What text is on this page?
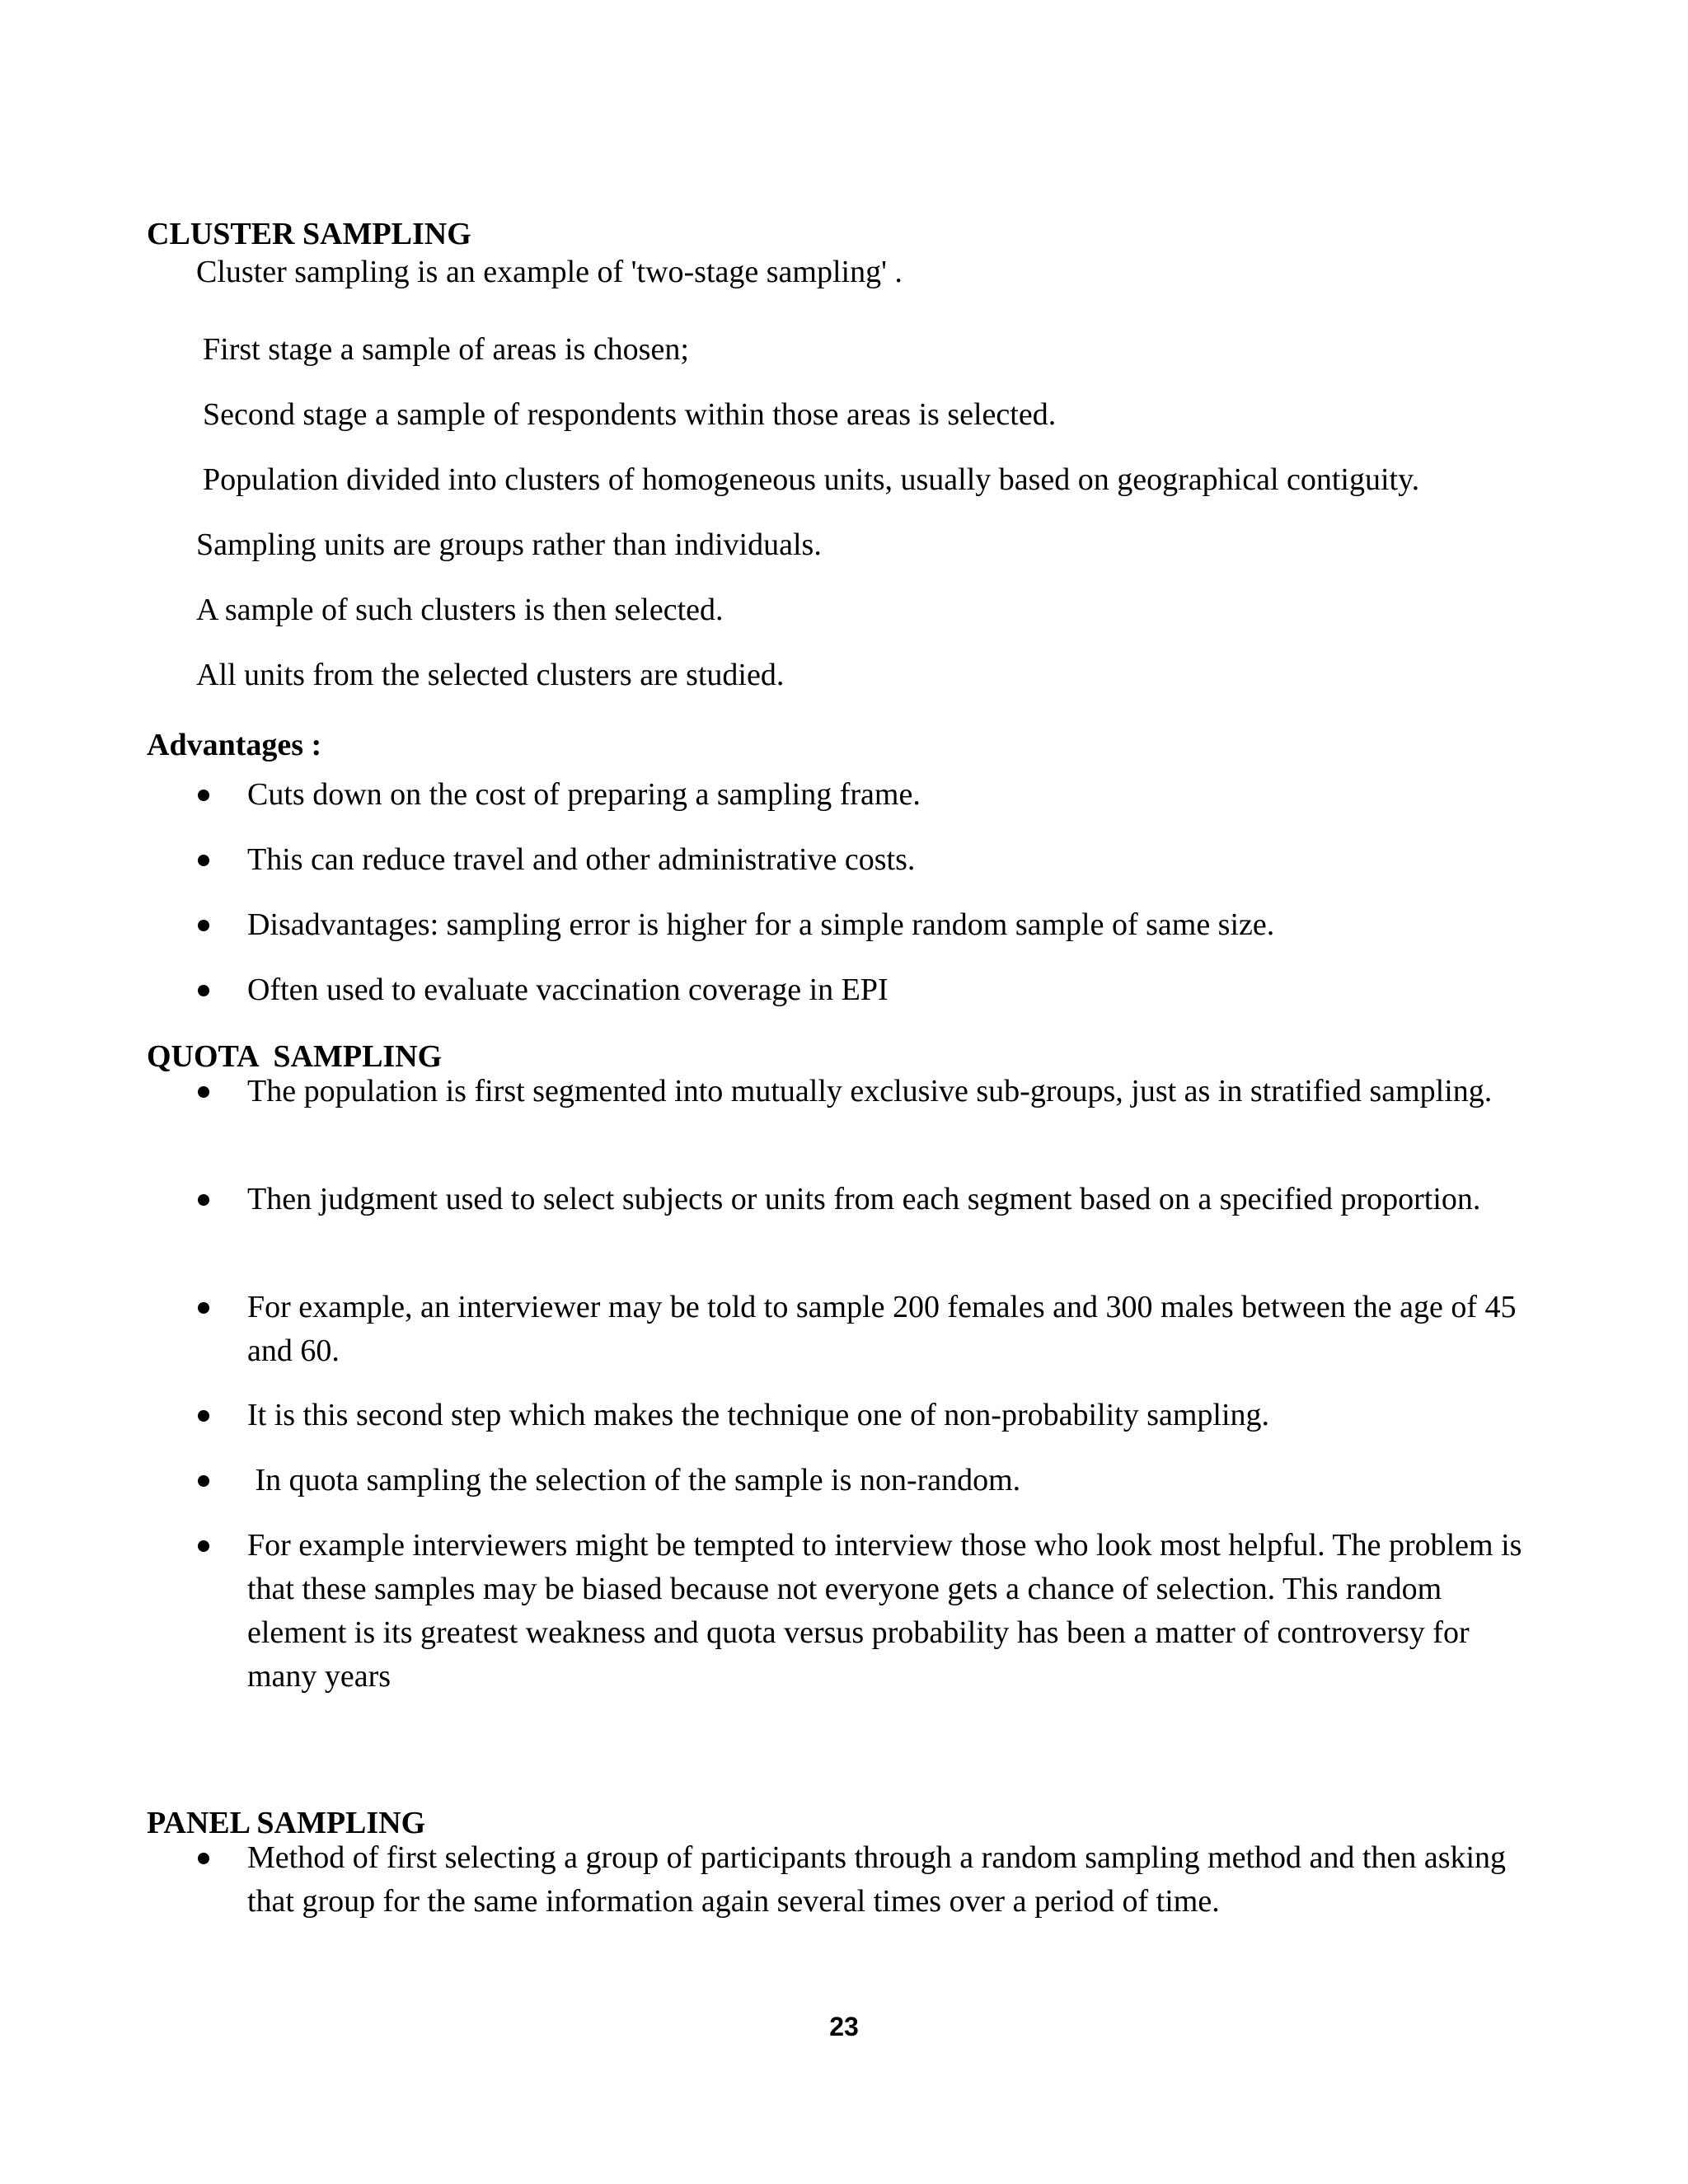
CLUSTER SAMPLING
Cluster sampling is an example of 'two-stage sampling' .
First stage a sample of areas is chosen;
Second stage a sample of respondents within those areas is selected.
Population divided into clusters of homogeneous units, usually based on geographical contiguity.
Sampling units are groups rather than individuals.
A sample of such clusters is then selected.
All units from the selected clusters are studied.
Advantages :
Cuts down on the cost of preparing a sampling frame.
This can reduce travel and other administrative costs.
Disadvantages: sampling error is higher for a simple random sample of same size.
Often used to evaluate vaccination coverage in EPI
QUOTA  SAMPLING
The population is first segmented into mutually exclusive sub-groups, just as in stratified sampling.
Then judgment used to select subjects or units from each segment based on a specified proportion.
For example, an interviewer may be told to sample 200 females and 300 males between the age of 45 and 60.
It is this second step which makes the technique one of non-probability sampling.
In quota sampling the selection of the sample is non-random.
For example interviewers might be tempted to interview those who look most helpful. The problem is that these samples may be biased because not everyone gets a chance of selection. This random element is its greatest weakness and quota versus probability has been a matter of controversy for many years
PANEL SAMPLING
Method of first selecting a group of participants through a random sampling method and then asking that group for the same information again several times over a period of time.
23
